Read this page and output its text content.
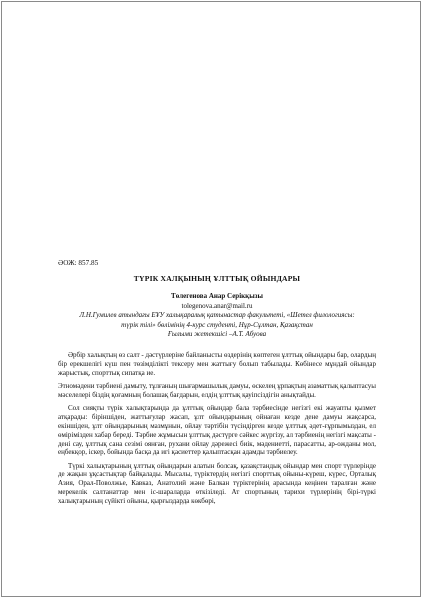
ӘОЖ: 857.85
ТҮРІК ХАЛҚЫНЫҢ ҰЛТТЫҚ ОЙЫНДАРЫ
Төлегенова Анар Серікқызы
tolegenova.anar@mail.ru
Л.Н.Гумилев атындағы ЕҰУ халықаралық қатынастар факультеті, «Шетел филологиясы:
түрік тілі» бөлімінің 4-курс студенті, Нұр-Сұлтан, Қазақстан
Ғылыми жетекшісі –А.Т. Абуова

Әрбір халықтың өз салт - дәстүрлеріне байланысты өздерінің көптеген ұлттық ойындары бар, олардың бір ерекшелігі күш пен төзімділікті тексеру мен жаттығу болып табылады. Көбінесе мұндай ойындар жарыстық, спорттық сипатқа ие.

Этномәдени тәрбиені дамыту, тұлғаның шығармашылық дамуы, өскелең ұрпақтың азаматтық қалыптасуы мәселелері біздің қоғамның болашақ бағдарын, елдің ұлттық қауіпсіздігін анықтайды.

Сол сияқты түрік халықтарында да ұлттық ойындар бала тәрбиесінде негізгі екі жауапты қызмет атқарады: біріншіден, жаттығулар жасап, ұлт ойындарының ойнаған кезде дене дамуы жақсарса, екіншіден, ұлт ойындарының мазмұнын, ойлау тәртібін түсіндірген кезде ұлттық әдет-ғұрпымыздан, ел өмірімізден хабар береді. Тәрбие жұмысын ұлттық дәстүрге сәйкес жүргізу, ал тәрбиенің негізгі мақсаты - дені сау, ұлттық сана сезімі оянған, рухани ойлау дәрежесі биік, мәдениетті, парасатты, ар-ожданы мол, еңбекқор, іскер, бойында басқа да игі қасиеттер қалыптасқан адамды тәрбиелеу.

Түркі халықтарының ұлттық ойындарын алатын болсақ, қазақстандық ойындар мен спорт түрлерінде де жақын ұқсастықтар байқалады. Мысалы, түріктердің негізгі спорттық ойыны-күреш, күрес, Орталық Азия, Орал-Поволжье, Кавказ, Анатолий және Балкан түріктерінің арасында кеңінен таралған және мерекелік салтанаттар мен іс-шараларда өткізіледі. Ат спортының тарихи түрлерінің бірі-түркі халықтарының сүйікті ойыны, қырғыздарда көкбөрі,
